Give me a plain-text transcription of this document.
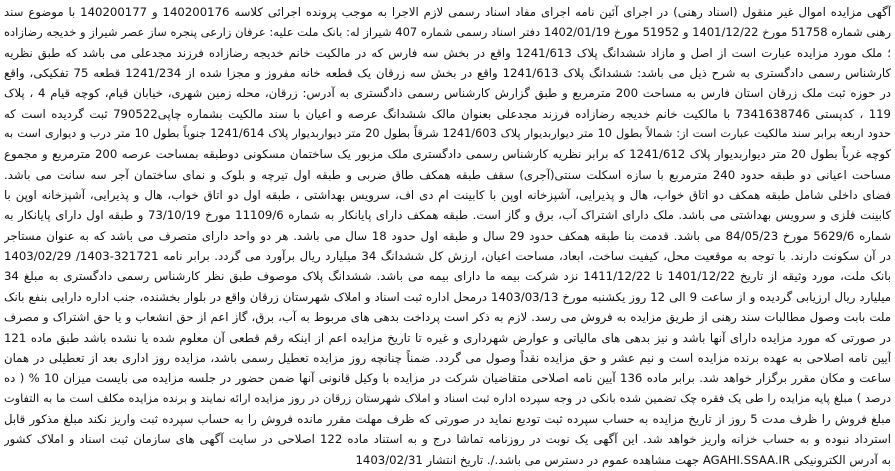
آگهی مزایده اموال غیر منقول (اسناد رهنی) در اجرای آئین نامه اجرای مفاد اسناد رسمی لازم الاجرا به موجب پرونده اجرائی کلاسه 140200176 و 140200177 با موضوع سند
رهنی شماره 51758 مورخ 1401/12/22 و 51952 مورخ 1402/01/19 دفتر اسناد رسمی شماره 407 شیراز له: بانک ملت علیه: عرفان زارعی پنجره ساز عصر شیراز و خدیجه رضازاده
؛ ملک مورد مزایده عبارت است از اصل و مازاد ششدانگ پلاک 1241/613 واقع در بخش سه فارس که در مالکیت خانم خدیجه رضازاده فرزند مجدعلی می باشد که طبق نظریه
کارشناس رسمی دادگستری به شرح ذیل می باشد: ششدانگ پلاک 1241/613 واقع در بخش سه زرقان یک قطعه خانه مفروز و مجزا شده از 1241/234 قطعه 75 تفکیکی، واقع
در حوزه ثبت ملک زرقان استان فارس به مساحت 200 مترمربع و طبق گزارش کارشناس رسمی دادگستری به آدرس: زرقان، محله زمین شهری، خیابان قیام، کوچه قیام 4 ، پلاک
119 ، کدپستی 7341638746 با مالکیت خانم خدیجه رضازاده فرزند مجدعلی بعنوان مالک ششدانگ عرصه و اعیان با سند مالکیت بشماره چاپی790522 ثبت گردیده است که
حدود اربعه برابر سند مالکیت عبارت است از: شمالاً بطول 10 متر دیواربدیوار پلاک 1241/603 شرقاً بطول 20 متر دیواربدیوار پلاک 1241/614 جنوباً بطول 10 متر درب و دیواری است به
کوچه غرباً بطول 20 متر دیواربدیوار پلاک 1241/612 که برابر نظریه کارشناس رسمی دادگستری ملک مزبور یک ساختمان مسکونی دوطبقه بمساحت عرصه 200 مترمربع و مجموع
مساحت اعیانی دو طبقه حدود 240 مترمربع با سازه اسکلت سنتی(آجری) سقف طبقه همکف طاق ضربی و طبقه اول تیرچه و بلوک و نمای ساختمان آجر سه سانت می باشد.
فضای داخلی شامل طبقه همکف دو اتاق خواب، هال و پذیرایی، آشپزخانه اوپن با کابینت ام دی اف، سرویس بهداشتی ، طبقه اول دو اتاق خواب، هال و پذیرایی، آشپزخانه اوپن با
کابینت فلزی و سرویس بهداشتی می باشد. ملک دارای اشتراک آب، برق و گاز است. طبقه همکف دارای پایانکار به شماره 11109/6 مورخ 73/10/19 و طبقه اول دارای پایانکار به
شماره 5629/6 مورخ 84/05/23 می باشد. قدمت بنا طبقه همکف حدود 29 سال و طبقه اول حدود 18 سال می باشد. هر دو واحد دارای متصرف می باشد که به عنوان مستاجر
در آن سکونت دارند. با توجه به موقعیت محل، کیفیت ساخت، ابعاد، مساحت اعیان، ارزش کل ششدانگ 34 میلیارد ریال برآورد می گردد. برابر نامه 321721-1403/ 1403/02/29
بانک ملت، مورد وثیقه از تاریخ 1401/12/22 تا 1411/12/22 نزد شرکت بیمه ما دارای بیمه می باشد. ششدانگ پلاک موصوف طبق نظر کارشناس رسمی دادگستری به مبلغ 34
میلیارد ریال ارزیابی گردیده و از ساعت 9 الی 12 روز یکشنبه مورخ 1403/03/13 درمحل اداره ثبت اسناد و املاک شهرستان زرقان واقع در بلوار بخشنده، جنب اداره دارایی بنفع بانک
ملت بابت وصول مطالبات سند رهنی از طریق مزایده به فروش می رسد. لازم به ذکر است پرداخت بدهی های مربوط به آب، برق، گاز اعم از حق انشعاب و یا حق اشتراک و مصرف
در صورتی که مورد مزایده دارای آنها باشد و نیز بدهی های مالیاتی و عوارض شهرداری و غیره تا تاریخ مزایده اعم از اینکه رقم قطعی آن معلوم شده یا نشده باشد طبق ماده 121
آیین نامه اصلاحی به عهده برنده مزایده است و نیم عشر و حق مزایده نقداً وصول می گردد. ضمناً چنانچه روز مزایده تعطیل رسمی باشد، مزایده روز اداری بعد از تعطیلی در همان
ساعت و مکان مقرر برگزار خواهد شد. برابر ماده 136 آیین نامه اصلاحی متقاضیان شرکت در مزایده با وکیل قانونی آنها ضمن حضور در جلسه مزایده می بایست میزان 10 % ( ده
درصد ) مبلغ پایه مزایده را طی یک فقره چک تضمین شده بانکی در وجه سپرده اداره ثبت اسناد و املاک شهرستان زرقان در روز مزایده ارائه نمایند و برنده مزایده مکلف است ما به التفاوت
مبلغ فروش را ظرف مدت 5 روز از تاریخ مزایده به حساب سپرده ثبت تودیع نماید در صورتی که ظرف مهلت مقرر مانده فروش را به حساب سپرده ثبت واریز نکند مبلغ مذکور قابل
استرداد نبوده و به حساب خزانه واریز خواهد شد. این آگهی یک نوبت در روزنامه تماشا درج و به استناد ماده 122 اصلاحی در سایت آگهی های سازمان ثبت اسناد و املاک کشور
به آدرس الکترونیکی AGAHI.SSAA.IR جهت مشاهده عموم در دسترس می باشد./. تاریخ انتشار 1403/02/31
